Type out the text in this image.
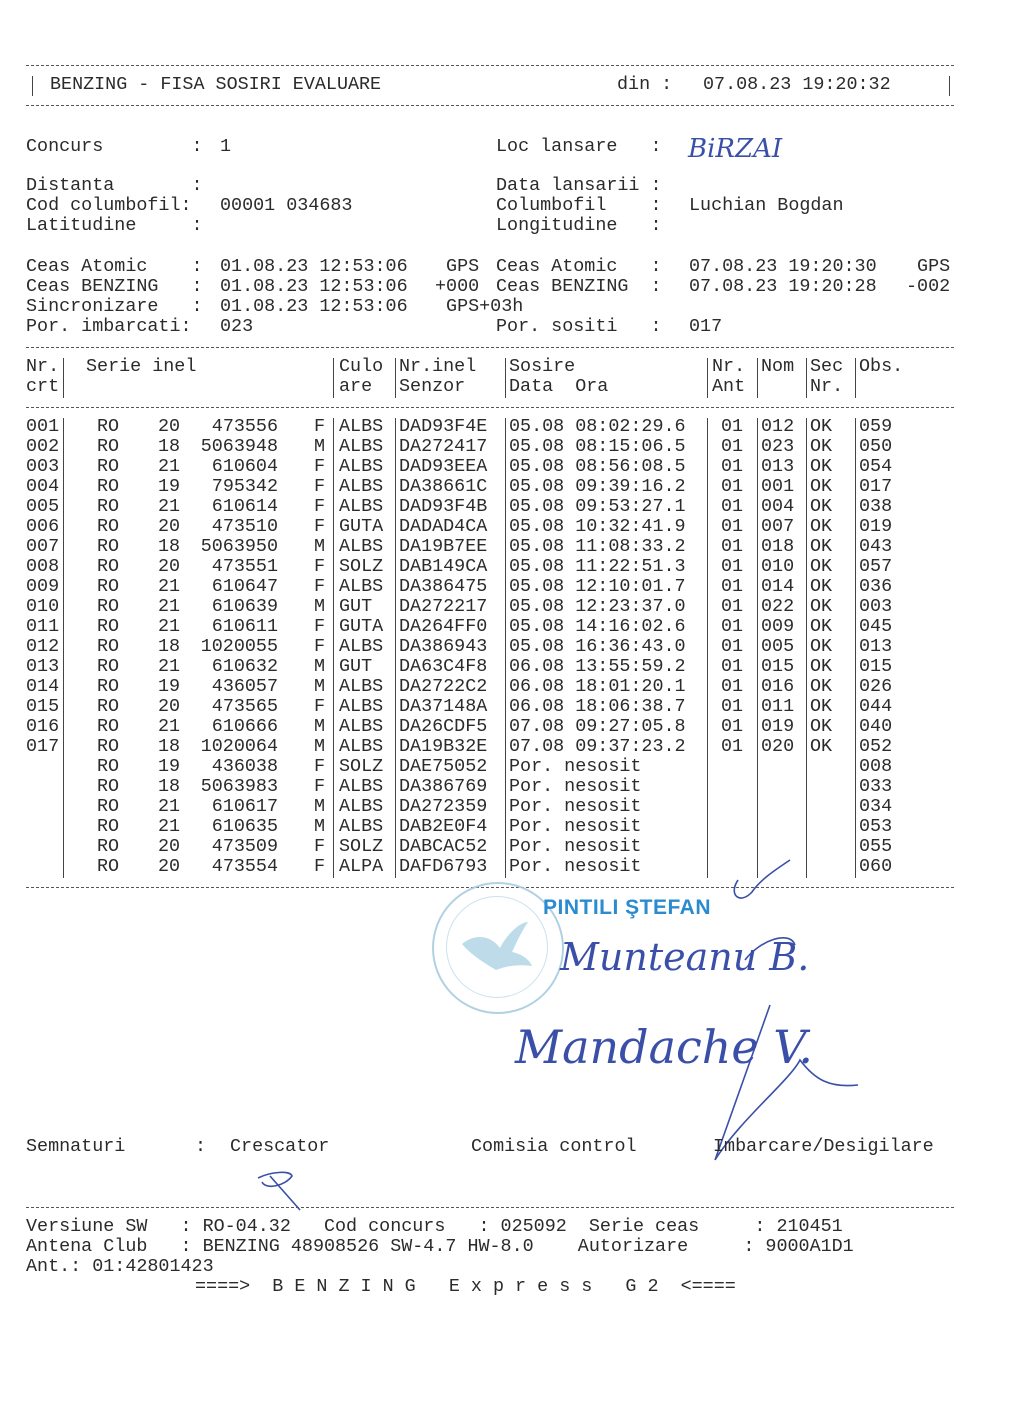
BENZING - FISA SOSIRI EVALUARE	din : 07.08.23 19:20:32
Concurs        : 1	Loc lansare   : BiRZAI
Distanta       :	Data lansarii :
Cod columbofil: 00001 034683	Columbofil    : Luchian Bogdan
Latitudine     :	Longitudine   :
Ceas Atomic    : 01.08.23 12:53:06 GPS Ceas Atomic   : 07.08.23 19:20:30 GPS
Ceas BENZING   : 01.08.23 12:53:06 +000 Ceas BENZING  : 07.08.23 19:20:28 -002
Sincronizare   : 01.08.23 12:53:06 GPS+03h
Por. imbarcati: 023	Por. sositi   : 017
Nr. Serie inel	Culo Nr.inel Sosire	Nr. Nom Sec Obs.
crt	are Senzor Data  Ora	Ant	Nr.
001 RO 20	473556 F ALBS DAD93F4E 05.08 08:02:29.6 01 012 OK 059
002 RO 18	5063948 M ALBS DA272417 05.08 08:15:06.5 01 023 OK 050
003 RO 21	610604 F ALBS DAD93EEA 05.08 08:56:08.5 01 013 OK 054
004 RO 19	795342 F ALBS DA38661C 05.08 09:39:16.2 01 001 OK 017
005 RO 21	610614 F ALBS DAD93F4B 05.08 09:53:27.1 01 004 OK 038
006 RO 20	473510 F GUTA DADAD4CA 05.08 10:32:41.9 01 007 OK 019
007 RO 18	5063950 M ALBS DA19B7EE 05.08 11:08:33.2 01 018 OK 043
008 RO 20	473551 F SOLZ DAB149CA 05.08 11:22:51.3 01 010 OK 057
009 RO 21	610647 F ALBS DA386475 05.08 12:10:01.7 01 014 OK 036
010 RO 21	610639 M GUT DA272217 05.08 12:23:37.0 01 022 OK 003
011 RO 21	610611 F GUTA DA264FF0 05.08 14:16:02.6 01 009 OK 045
012 RO 18	1020055 F ALBS DA386943 05.08 16:36:43.0 01 005 OK 013
013 RO 21	610632 M GUT DA63C4F8 06.08 13:55:59.2 01 015 OK 015
014 RO 19	436057 M ALBS DA2722C2 06.08 18:01:20.1 01 016 OK 026
015 RO 20	473565 F ALBS DA37148A 06.08 18:06:38.7 01 011 OK 044
016 RO 21	610666 M ALBS DA26CDF5 07.08 09:27:05.8 01 019 OK 040
017 RO 18	1020064 M ALBS DA19B32E 07.08 09:37:23.2 01 020 OK 052
RO 19	436038 F SOLZ DAE75052 Por. nesosit	008
RO 18	5063983 F ALBS DA386769 Por. nesosit	033
RO 21	610617 M ALBS DA272359 Por. nesosit	034
RO 21	610635 M ALBS DAB2E0F4 Por. nesosit	053
RO 20	473509 F SOLZ DABCAC52 Por. nesosit	055
RO 20	473554 F ALPA DAFD6793 Por. nesosit	060
PINTILI ŞTEFAN
Munteanu B.
Mandache V.
Semnaturi	: Crescator	Comisia control	Imbarcare/Desigilare
Versiune SW   : RO-04.32   Cod concurs   : 025092  Serie ceas     : 210451
Antena Club   : BENZING 48908526 SW-4.7 HW-8.0    Autorizare     : 9000A1D1
Ant.: 01:42801423
====>  B E N Z I N G   E x p r e s s   G 2  <====
